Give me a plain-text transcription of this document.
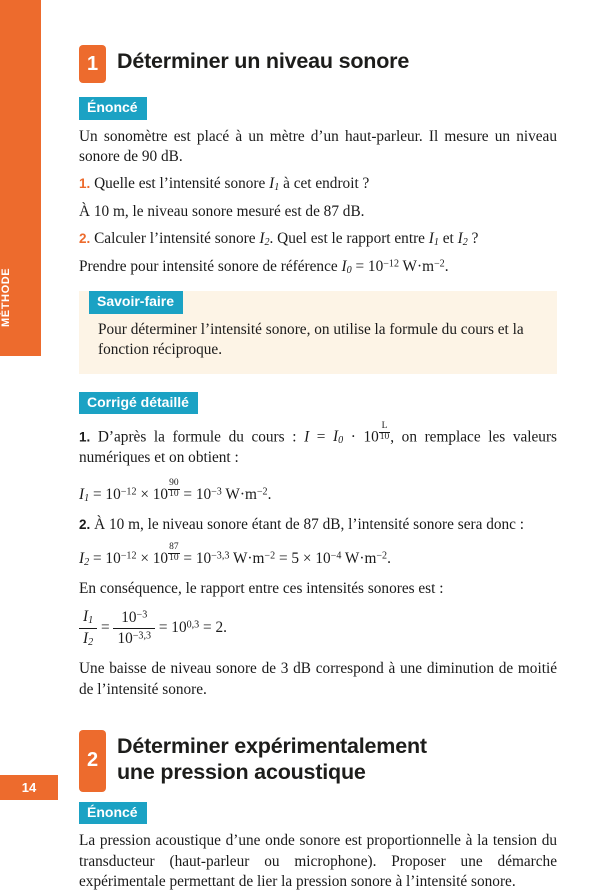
MÉTHODE
14
1 Déterminer un niveau sonore
Énoncé

Un sonomètre est placé à un mètre d’un haut-parleur. Il mesure un niveau sonore de 90 dB.

1. Quelle est l’intensité sonore $I_1$ à cet endroit ?

À 10 m, le niveau sonore mesuré est de 87 dB.

2. Calculer l’intensité sonore $I_2$. Quel est le rapport entre $I_1$ et $I_2$ ?

Prendre pour intensité sonore de référence $I_0 = 10^{-12}$ $W\cdot m^{-2}$.

Savoir-faire

Pour déterminer l’intensité sonore, on utilise la formule du cours et la fonction réciproque.

Corrigé détaillé

1. D’après la formule du cours : $I = I_0 \cdot 10 \frac{L}{10}$ , on remplace les valeurs numériques et on obtient :

$I_1 = 10^{-12} \times 10 \frac{90}{10} = 10^{-3}$ $W\cdot m^{-2}$.

2. À 10 m, le niveau sonore étant de 87 dB, l’intensité sonore sera donc :

$I_2 = 10^{-12} \times 10 \frac{87}{10} = 10^{-3,3}$ $W\cdot m^{-2} = 5 \times 10^{-4}$ $W\cdot m^{-2}$.

En conséquence, le rapport entre ces intensités sonores est :

$\frac{I_1}{I_2} = \frac{10^{-3}}{10^{-3,3}} = 10^{0,3} = 2$.

Une baisse de niveau sonore de 3 dB correspond à une diminution de moitié de l’intensité sonore.

2
Déterminer expérimentalement
une pression acoustique
Énoncé

La pression acoustique d’une onde sonore est proportionnelle à la tension du transducteur (haut-parleur ou microphone). Proposer une démarche expérimentale permettant de lier la pression sonore à l’intensité sonore.
